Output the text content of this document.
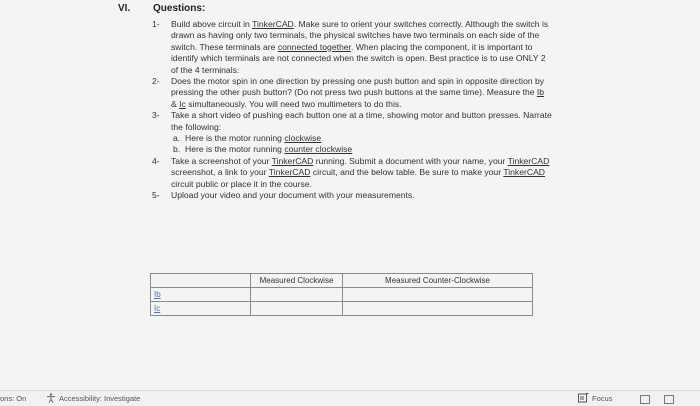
VI. Questions:
1-	Build above circuit in TinkerCAD. Make sure to orient your switches correctly. Although the switch is drawn as having only two terminals, the physical switches have two terminals on each side of the switch. These terminals are connected together. When placing the component, it is important to identify which terminals are not connected when the switch is open. Best practice is to use ONLY 2 of the 4 terminals.
2-	Does the motor spin in one direction by pressing one push button and spin in opposite direction by pressing the other push button? (Do not press two push buttons at the same time). Measure the Ib & Ic simultaneously. You will need two multimeters to do this.
3-	Take a short video of pushing each button one at a time, showing motor and button presses. Narrate the following:
a. Here is the motor running clockwise
b. Here is the motor running counter clockwise
4-	Take a screenshot of your TinkerCAD running. Submit a document with your name, your TinkerCAD screenshot, a link to your TinkerCAD circuit, and the below table. Be sure to make your TinkerCAD circuit public or place it in the course.
5-	Upload your video and your document with your measurements.
	Measured Clockwise	Measured Counter-Clockwise
Ib		
Ic		
ons: On	Accessibility: Investigate	Focus
